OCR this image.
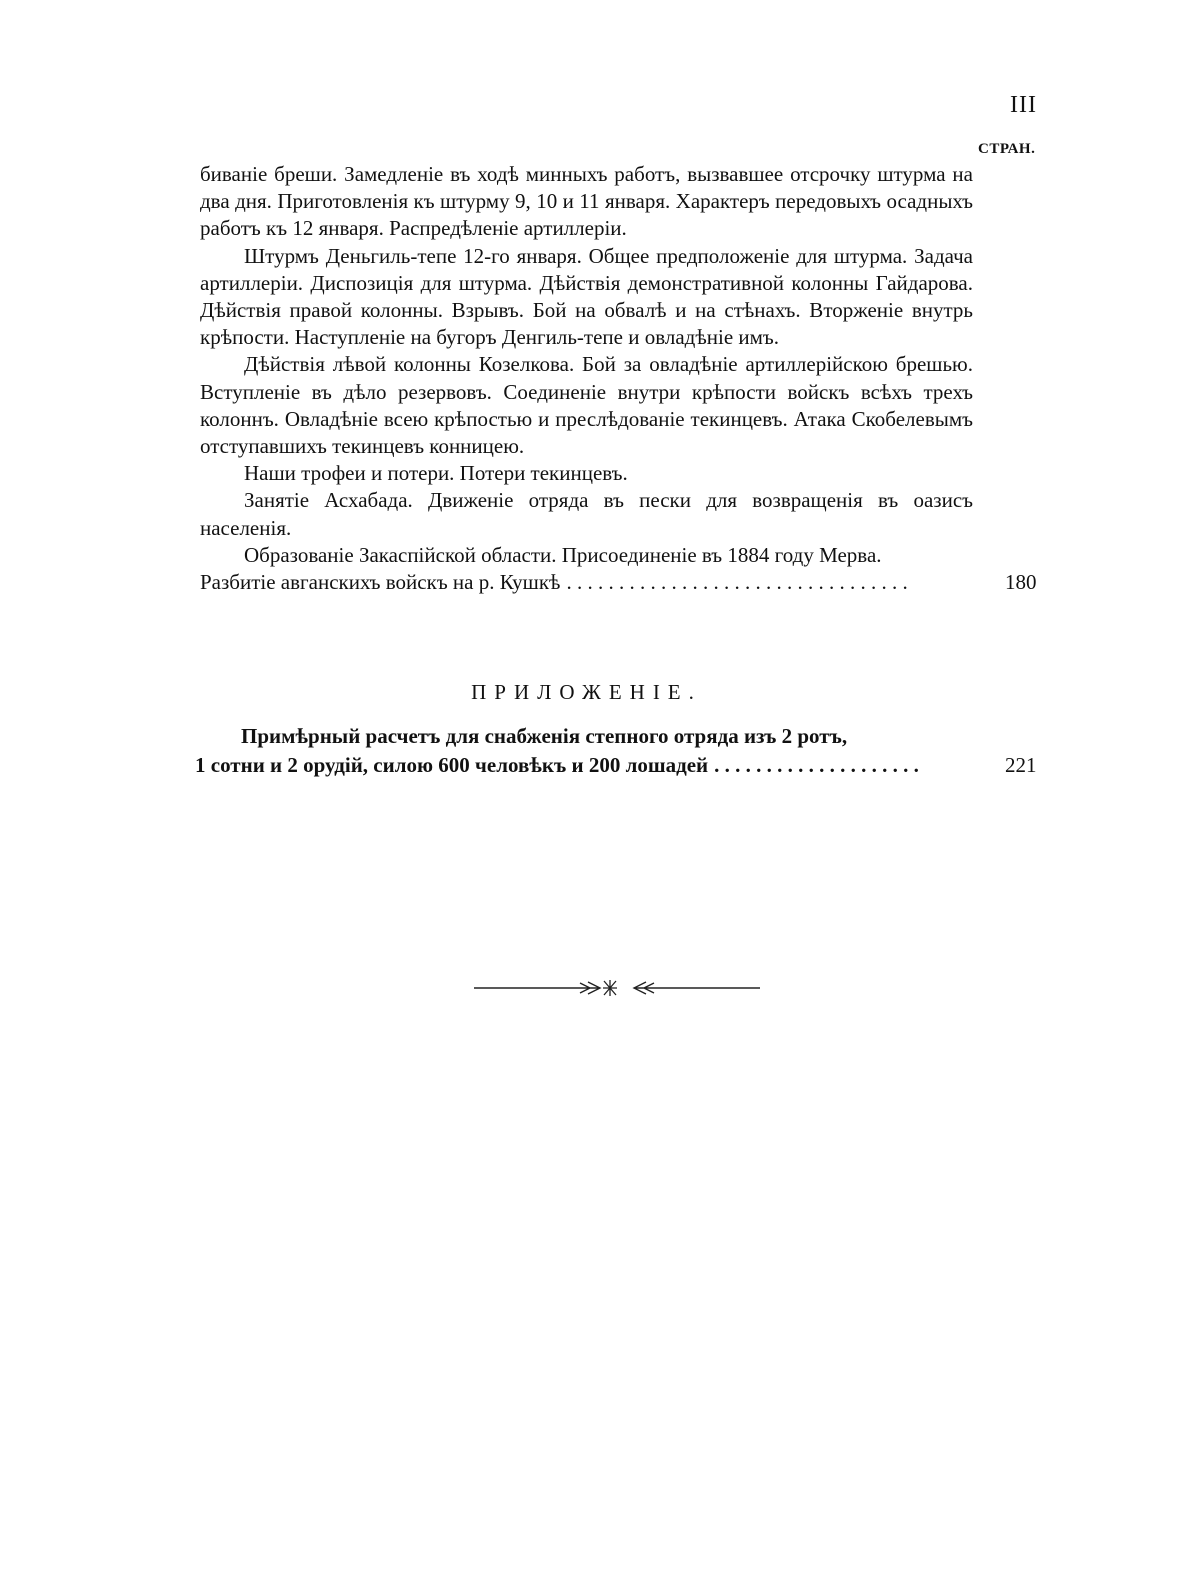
III
СТРАН.

биваніе бреши. Замедленіе въ ходѣ минныхъ работъ, вызвавшее отсрочку штурма на два дня. Приготовленія къ штурму 9, 10 и 11 января. Характеръ передовыхъ осадныхъ работъ къ 12 января. Распредѣленіе артиллеріи.

Штурмъ Деньгиль-тепе 12-го января. Общее предположеніе для штурма. Задача артиллеріи. Диспозиція для штурма. Дѣйствія демонстративной колонны Гайдарова. Дѣйствія правой колонны. Взрывъ. Бой на обвалѣ и на стѣнахъ. Вторженіе внутрь крѣпости. Наступленіе на бугоръ Денгиль-тепе и овладѣніе имъ.

Дѣйствія лѣвой колонны Козелкова. Бой за овладѣніе артиллерійскою брешью. Вступленіе въ дѣло резервовъ. Соединеніе внутри крѣпости войскъ всѣхъ трехъ колоннъ. Овладѣніе всею крѣпостью и преслѣдованіе текинцевъ. Атака Скобелевымъ отступавшихъ текинцевъ конницею.

Наши трофеи и потери. Потери текинцевъ.

Занятіе Асхабада. Движеніе отряда въ пески для возвращенія въ оазисъ населенія.

Образованіе Закаспійской области. Присоединеніе въ 1884 году Мерва.

Разбитіе авганскихъ войскъ на р. Кушкѣ . . . . . . . . . . . . . . . . . . . . . . . . . . . . . . . . .	180
ПРИЛОЖЕНІЕ.

Примѣрный расчетъ для снабженія степного отряда изъ 2 ротъ,

1 сотни и 2 орудій, силою 600 человѣкъ и 200 лошадей . . . . . . . . . . . . . . . . . . . .	221
